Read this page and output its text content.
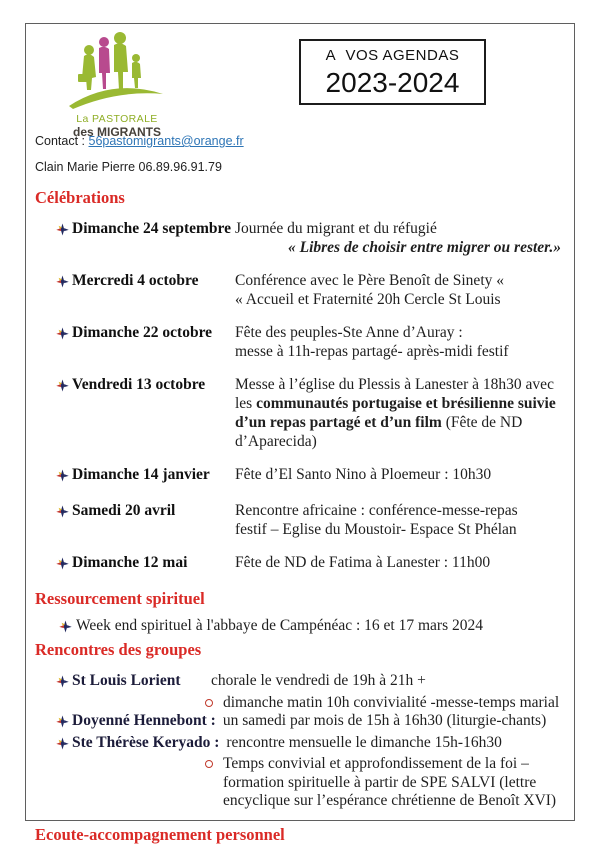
La PASTORALE
des MIGRANTS
A  VOS AGENDAS
2023-2024

Contact : 56pastomigrants@orange.fr

Clain Marie Pierre 06.89.96.91.79

Célébrations
Dimanche 24 septembre Journée du migrant et du réfugié
« Libres de choisir entre migrer ou rester.»
Mercredi 4 octobre	Conférence avec le Père Benoît de Sinety «
« Accueil et Fraternité 20h Cercle St Louis
Dimanche 22 octobre	Fête des peuples-Ste Anne d’Auray :
messe à 11h-repas partagé- après-midi festif
Vendredi 13 octobre	Messe à l’église du Plessis à Lanester à 18h30 avec les communautés portugaise et brésilienne suivie d’un repas partagé et d’un film (Fête de ND d’Aparecida)
Dimanche 14 janvier	Fête d’El Santo Nino à Ploemeur : 10h30
Samedi 20 avril	Rencontre africaine : conférence-messe-repas
festif – Eglise du Moustoir- Espace St Phélan
Dimanche 12 mai	Fête de ND de Fatima à Lanester : 11h00
Ressourcement spirituel
Week end spirituel à l'abbaye de Campénéac : 16 et 17 mars 2024
Rencontres des groupes
St Louis Lorient	chorale le vendredi de 19h à 21h +
dimanche matin 10h convivialité -messe-temps marial
Doyenné Hennebont : un samedi par mois de 15h à 16h30 (liturgie-chants)
Ste Thérèse Keryado : rencontre mensuelle le dimanche 15h-16h30
Temps convivial et approfondissement de la foi – formation spirituelle à partir de SPE SALVI (lettre encyclique sur l’espérance chrétienne de Benoît XVI)
Ecoute-accompagnement personnel
